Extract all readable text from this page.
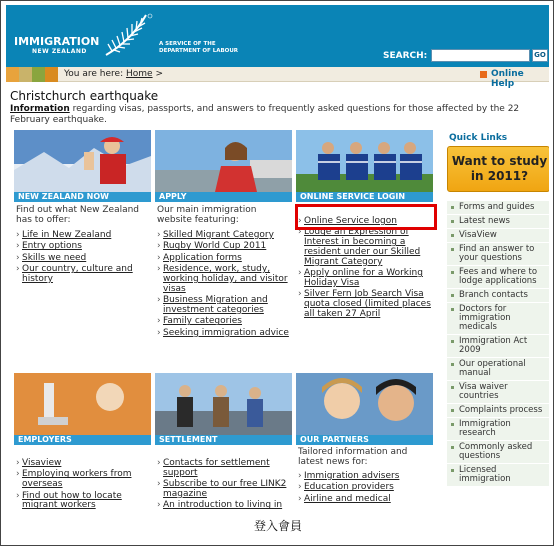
IMMIGRATION
NEW ZEALAND
A SERVICE OF THE
DEPARTMENT OF LABOUR	SEARCH:	GO
You are here: Home >	Online Help
Christchurch earthquake
Information regarding visas, passports, and answers to frequently asked questions for those affected by the 22 February earthquake.
NEW ZEALAND NOW
Find out what New Zealand has to offer:
› Life in New Zealand
› Entry options
› Skills we need
› Our country, culture and history
APPLY
Our main immigration website featuring:
› Skilled Migrant Category
› Rugby World Cup 2011
› Application forms
› Residence, work, study, working holiday, and visitor visas
› Business Migration and investment categories
› Family categories
› Seeking immigration advice
ONLINE SERVICE LOGIN
› Online Service logon
› Lodge an Expression of Interest in becoming a resident under our Skilled Migrant Category
› Apply online for a Working Holiday Visa
› Silver Fern Job Search Visa quota closed (limited places all taken 27 April
EMPLOYERS
› Visaview
› Employing workers from overseas
› Find out how to locate migrant workers
SETTLEMENT
› Contacts for settlement support
› Subscribe to our free LINK2 magazine
› An introduction to living in
OUR PARTNERS
Tailored information and latest news for:
› Immigration advisers
› Education providers
› Airline and medical
Quick Links
Want to study
in 2011?
Forms and guides
Latest news
VisaView
Find an answer to your questions
Fees and where to lodge applications
Branch contacts
Doctors for immigration medicals
Immigration Act 2009
Our operational manual
Visa waiver countries
Complaints process
Immigration research
Commonly asked questions
Licensed immigration
登入會員
